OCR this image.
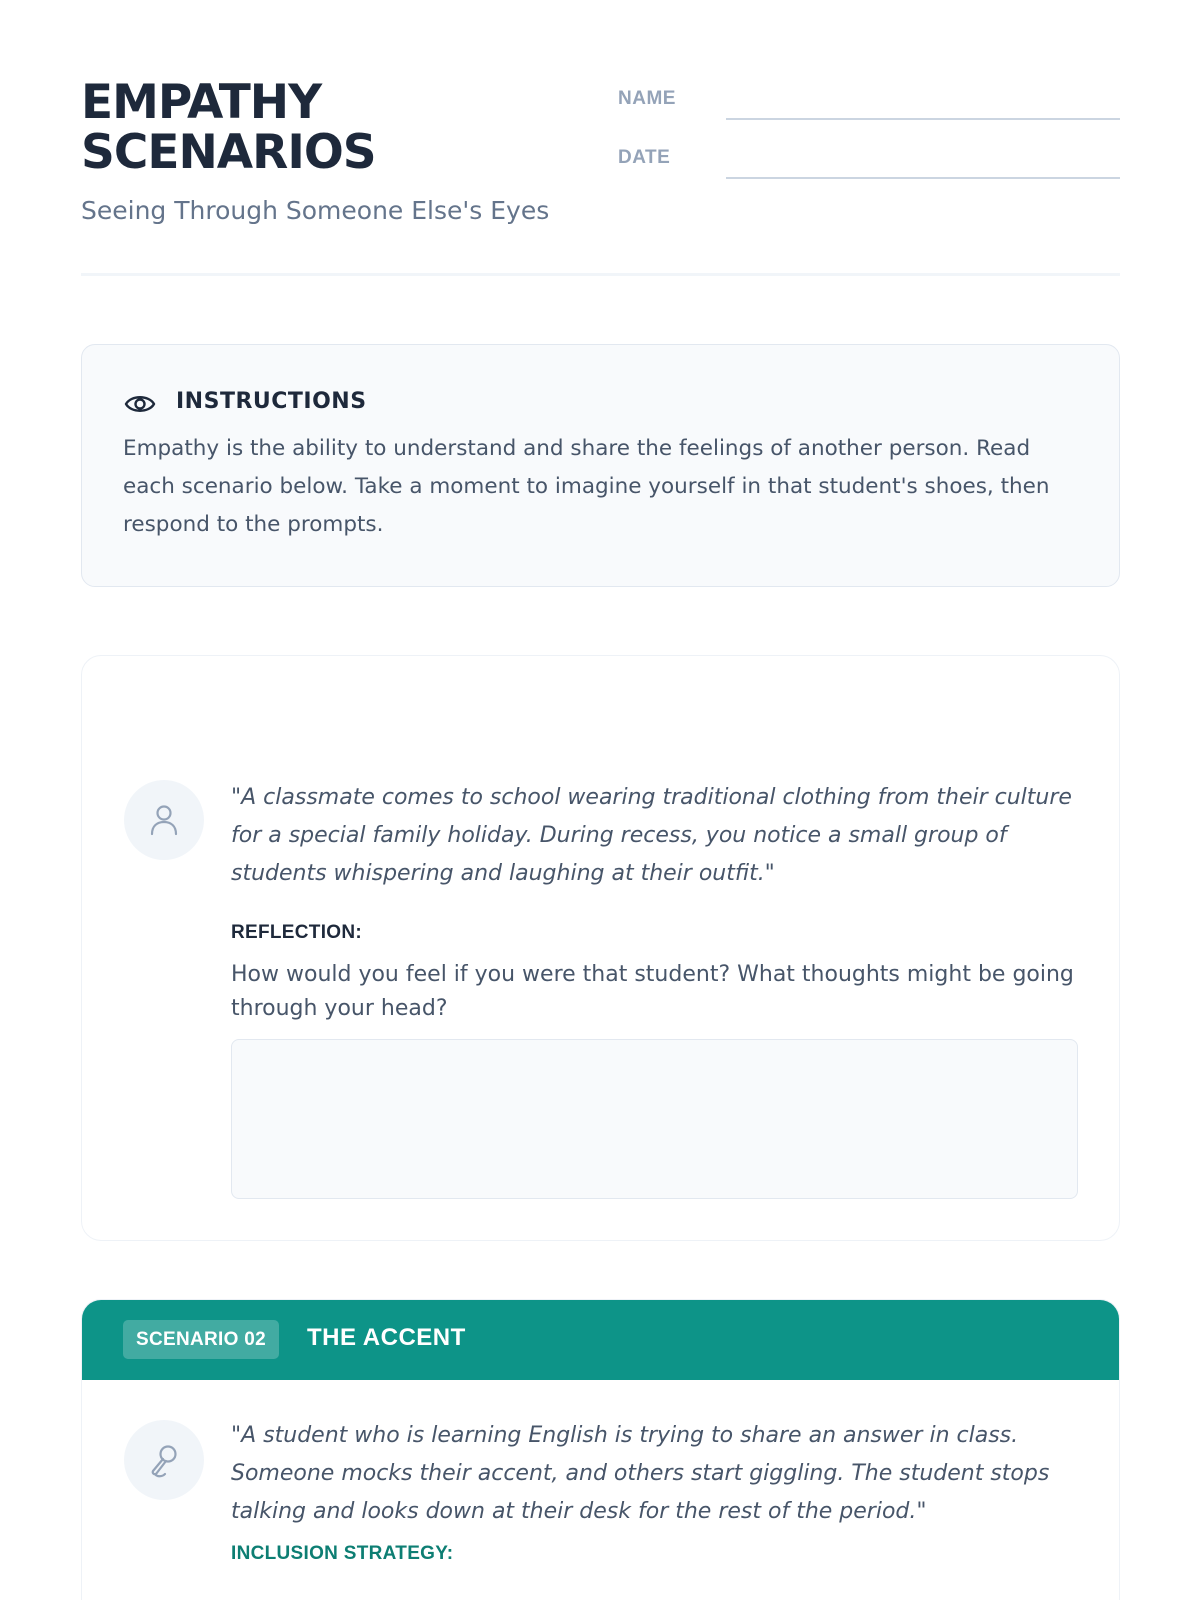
EMPATHY SCENARIOS
Seeing Through Someone Else's Eyes
NAME
DATE
INSTRUCTIONS
Empathy is the ability to understand and share the feelings of another person. Read each scenario below. Take a moment to imagine yourself in that student's shoes, then respond to the prompts.
"A classmate comes to school wearing traditional clothing from their culture for a special family holiday. During recess, you notice a small group of students whispering and laughing at their outfit."
REFLECTION:
How would you feel if you were that student? What thoughts might be going through your head?
SCENARIO 02	THE ACCENT
"A student who is learning English is trying to share an answer in class. Someone mocks their accent, and others start giggling. The student stops talking and looks down at their desk for the rest of the period."
INCLUSION STRATEGY:
